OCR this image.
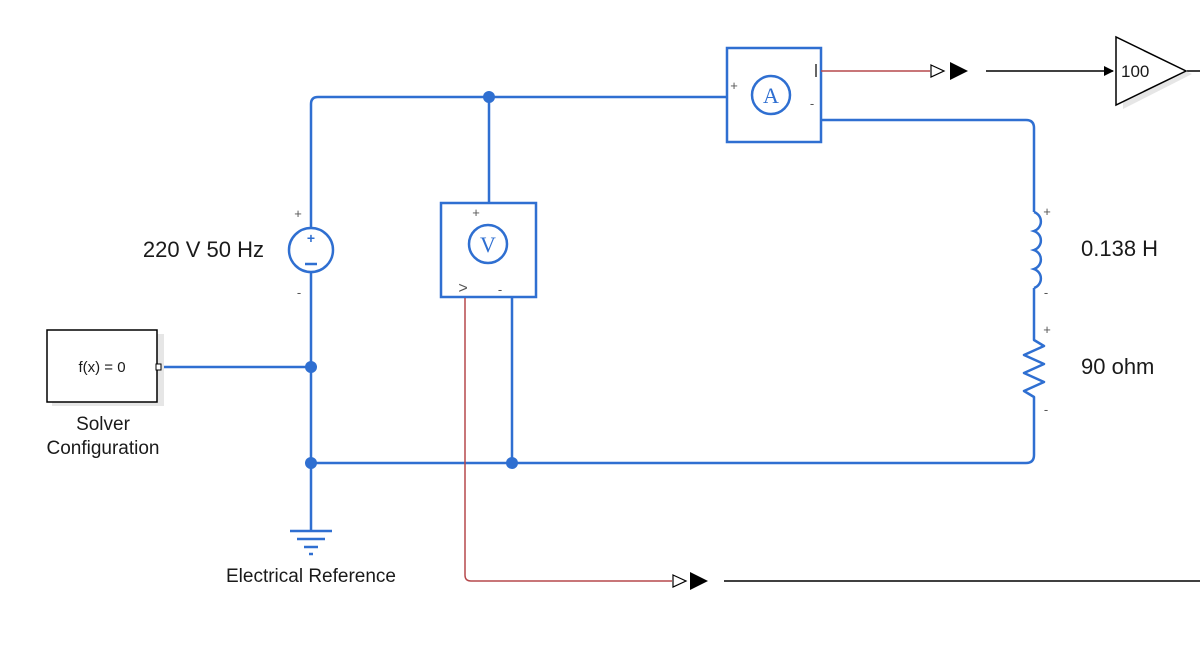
+
+
-
220 V 50 Hz
f(x) = 0
Solver
Configuration
Electrical Reference
V
+
-
>
A
+
-
+
-
0.138 H
+
-
90 ohm
100
